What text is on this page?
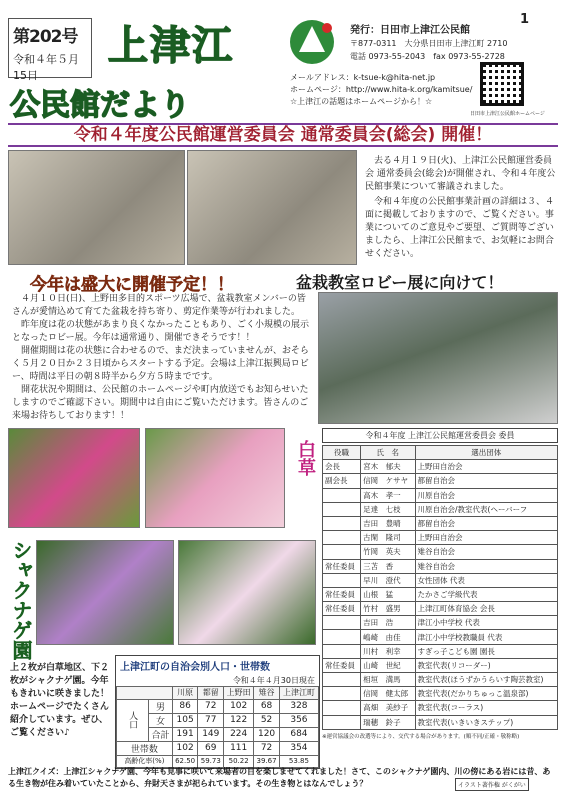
第202号
令和４年５月15日
上津江
公民館だより
発行：日田市上津江公民館
〒877-0311　大分県日田市上津江町 2710
電話 0973-55-2043　fax 0973-55-2728
1
メールアドレス：k-tsue-k@hita-net.jp
ホームページ：http://www.hita-k.org/kamitsue/
☆上津江の話題はホームページから！☆
日田市上津江公民館ホームページ
令和４年度公民館運営委員会 通常委員会(総会) 開催！

去る４月１９日(火)、上津江公民館運営委員会 通常委員会(総会)が開催され、令和４年度公民館事業について審議されました。

令和４年度の公民館事業計画の詳細は３、４面に掲載しておりますので、ご覧ください。事業についてのご意見やご要望、ご質問等ございましたら、上津江公民館まで、お気軽にお問合せください。

今年は盛大に開催予定！！	盆栽教室ロビー展に向けて！

４月１０日(日)、上野田多目的スポーツ広場で、盆栽教室メンバーの皆さんが愛情込めて育てた盆栽を持ち寄り、剪定作業等が行われました。

昨年度は花の状態があまり良くなかったこともあり、ごく小規模の展示となったロビー展。今年は通常通り、開催できそうです！！

開催期間は花の状態に合わせるので、まだ決まっていませんが、おそらく５月２０日か２３日頃からスタートする予定。会場は上津江振興局ロビー、時間は平日の朝８時半から夕方５時までです。

開花状況や期間は、公民館のホームページや町内放送でもお知らせいたしますのでご確認下さい。期間中は自由にご覧いただけます。皆さんのご来場お待ちしております！！

白草
シャクナゲ園
令和４年度 上津江公民館運営委員会 委員
役職	氏　名	選出団体
会長	宮木　郁夫	上野田自治会
副会長	信岡　ケサヤ	都留自治会
	高木　孝一	川原自治会
	足達　七枝	川原自治会/教室代表(ヘーバーフ
	吉田　豊晴	都留自治会
	古閑　隆司	上野田自治会
	竹岡　英夫	雉谷自治会
常任委員	三苫　香	雉谷自治会
	早川　澄代	女性団体 代表
常任委員	山根　猛	たかさご学級代表
常任委員	竹村　盛男	上津江町体育協会 会長
	吉田　浩	津江小中学校 代表
	嶋崎　由佳	津江小中学校教職員 代表
	川村　利幸	すぎっ子こども園 園長
常任委員	山崎　世紀	教室代表(リコーダー)
	相垣　満馬	教室代表(ほうずかうらいす陶芸教室)
	信岡　健太郎	教室代表(だかりちゅっこ温泉部)
	高畑　美紗子	教室代表(コーラス)
	瑞穂　鈴子	教室代表(いきいきステップ)
※運営協議会の改選等により、交代する場合があります。(順不同/正確・敬称略)
上２枚が白草地区、下２枚がシャクナゲ園。今年もきれいに咲きました！ホームページでたくさん紹介しています。ぜひ、ご覧ください♪
上津江町の自治会別人口・世帯数
令和４年４月30日現在
		川原	都留	上野田	雉谷	上津江町
人口	男	86	72	102	68	328
	女	105	77	122	52	356
	合計	191	149	224	120	684
世帯数		102	69	111	72	354
高齢化率(%)		62.50	59.73	50.22	39.67	53.85
上津江クイズ：上津江シャクナゲ園、今年も見事に咲いて来場者の目を楽しませてくれました！さて、このシャクナゲ園内、川の傍にある岩には昔、ある生き物が住み着いていたことから、弁財天さまが祀られています。その生き物とはなんでしょう？	イラスト著作権 がくがい
